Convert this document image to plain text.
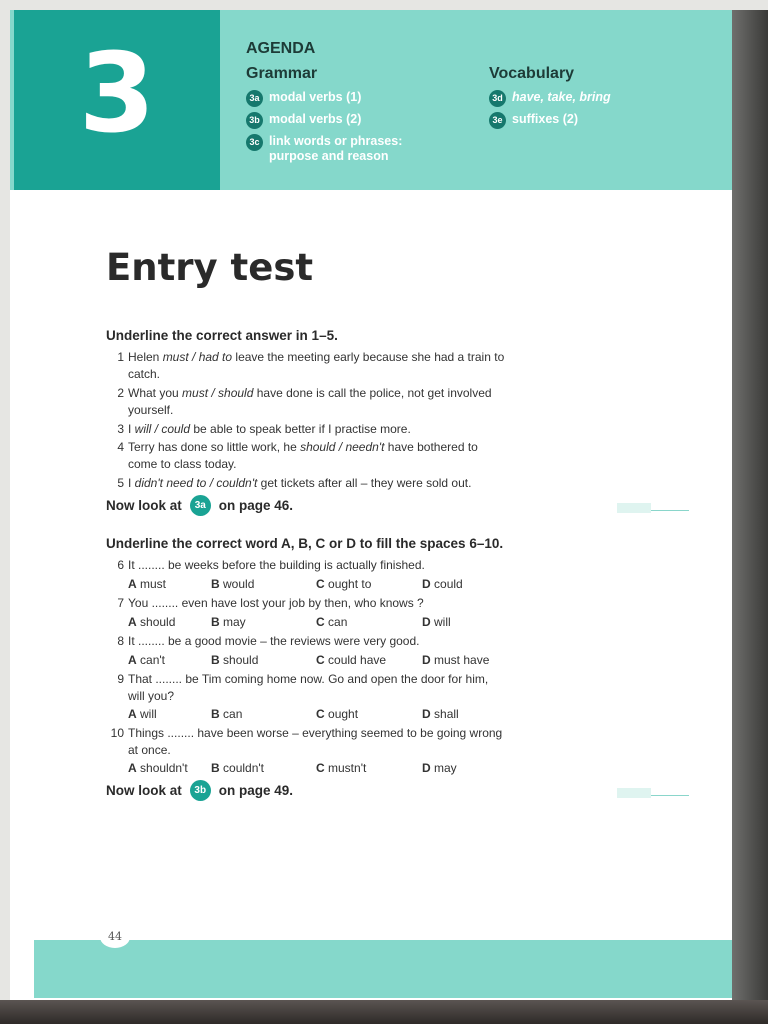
3	AGENDA
Grammar	Vocabulary
3a modal verbs (1)
3b modal verbs (2)
3c link words or phrases:
purpose and reason
3d have, take, bring
3e suffixes (2)
Entry test
Underline the correct answer in 1–5.
1 Helen must / had to leave the meeting early because she had a train to
catch.
2 What you must / should have done is call the police, not get involved
yourself.
3 I will / could be able to speak better if I practise more.
4 Terry has done so little work, he should / needn't have bothered to
come to class today.
5 I didn't need to / couldn't get tickets after all – they were sold out.
Now look at	3a on page 46.
Underline the correct word A, B, C or D to fill the spaces 6–10.
6 It ........ be weeks before the building is actually finished.
A must	B would	C ought to	D could
7 You ........ even have lost your job by then, who knows ?
A should	B may	C can	D will
8 It ........ be a good movie – the reviews were very good.
A can't	B should	C could have	D must have
9 That ........ be Tim coming home now. Go and open the door for him,
will you?
A will	B can	C ought	D shall
10 Things ........ have been worse – everything seemed to be going wrong
at once.
A shouldn't B couldn't	C mustn't	D may
Now look at	3b on page 49.
44
